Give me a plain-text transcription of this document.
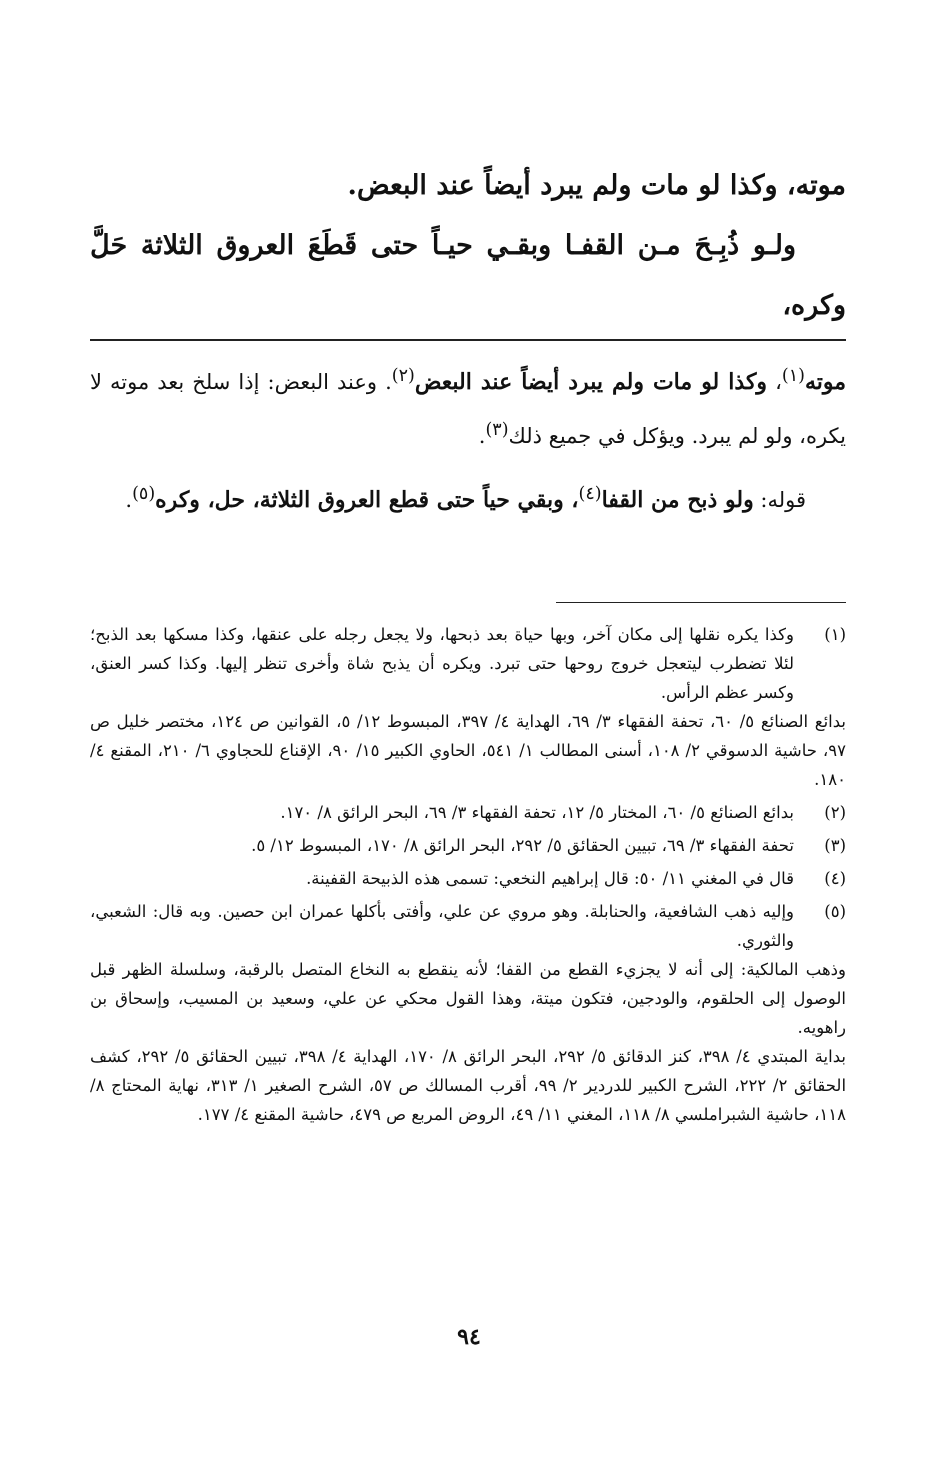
موته، وكذا لو مات ولم يبرد أيضاً عند البعض.

ولـو ذُبِـحَ مـن القفـا وبقـي حيـاً حتى قَطَعَ العروق الثلاثة حَلَّ وكره،

موته$^{(١)}$، وكذا لو مات ولم يبرد أيضاً عند البعض$^{(٢)}$. وعند البعض: إذا سلخ بعد موته لا يكره، ولو لم يبرد. ويؤكل في جميع ذلك$^{(٣)}$.

قوله: ولو ذبح من القفا$^{(٤)}$، وبقي حياً حتى قطع العروق الثلاثة، حل، وكره$^{(٥)}$.

(١)

وكذا يكره نقلها إلى مكان آخر، وبها حياة بعد ذبحها، ولا يجعل رجله على عنقها، وكذا مسكها بعد الذبح؛ لئلا تضطرب ليتعجل خروج روحها حتى تبرد. ويكره أن يذبح شاة وأخرى تنظر إليها. وكذا كسر العنق، وكسر عظم الرأس.

بدائع الصنائع ٥/ ٦٠، تحفة الفقهاء ٣/ ٦٩، الهداية ٤/ ٣٩٧، المبسوط ١٢/ ٥، القوانين ص ١٢٤، مختصر خليل ص ٩٧، حاشية الدسوقي ٢/ ١٠٨، أسنى المطالب ١/ ٥٤١، الحاوي الكبير ١٥/ ٩٠، الإقناع للحجاوي ٦/ ٢١٠، المقنع ٤/ ١٨٠.

(٢)

بدائع الصنائع ٥/ ٦٠، المختار ٥/ ١٢، تحفة الفقهاء ٣/ ٦٩، البحر الرائق ٨/ ١٧٠.

(٣)

تحفة الفقهاء ٣/ ٦٩، تبيين الحقائق ٥/ ٢٩٢، البحر الرائق ٨/ ١٧٠، المبسوط ١٢/ ٥.

(٤)

قال في المغني ١١/ ٥٠: قال إبراهيم النخعي: تسمى هذه الذبيحة القفينة.

(٥)

وإليه ذهب الشافعية، والحنابلة. وهو مروي عن علي، وأفتى بأكلها عمران ابن حصين. وبه قال: الشعبي، والثوري.

وذهب المالكية: إلى أنه لا يجزيء القطع من القفا؛ لأنه ينقطع به النخاع المتصل بالرقبة، وسلسلة الظهر قبل الوصول إلى الحلقوم، والودجين، فتكون ميتة، وهذا القول محكي عن علي، وسعيد بن المسيب، وإسحاق بن راهويه.

بداية المبتدي ٤/ ٣٩٨، كنز الدقائق ٥/ ٢٩٢، البحر الرائق ٨/ ١٧٠، الهداية ٤/ ٣٩٨، تبيين الحقائق ٥/ ٢٩٢، كشف الحقائق ٢/ ٢٢٢، الشرح الكبير للدردير ٢/ ٩٩، أقرب المسالك ص ٥٧، الشرح الصغير ١/ ٣١٣، نهاية المحتاج ٨/ ١١٨، حاشية الشبراملسي ٨/ ١١٨، المغني ١١/ ٤٩، الروض المربع ص ٤٧٩، حاشية المقنع ٤/ ١٧٧.

٩٤
